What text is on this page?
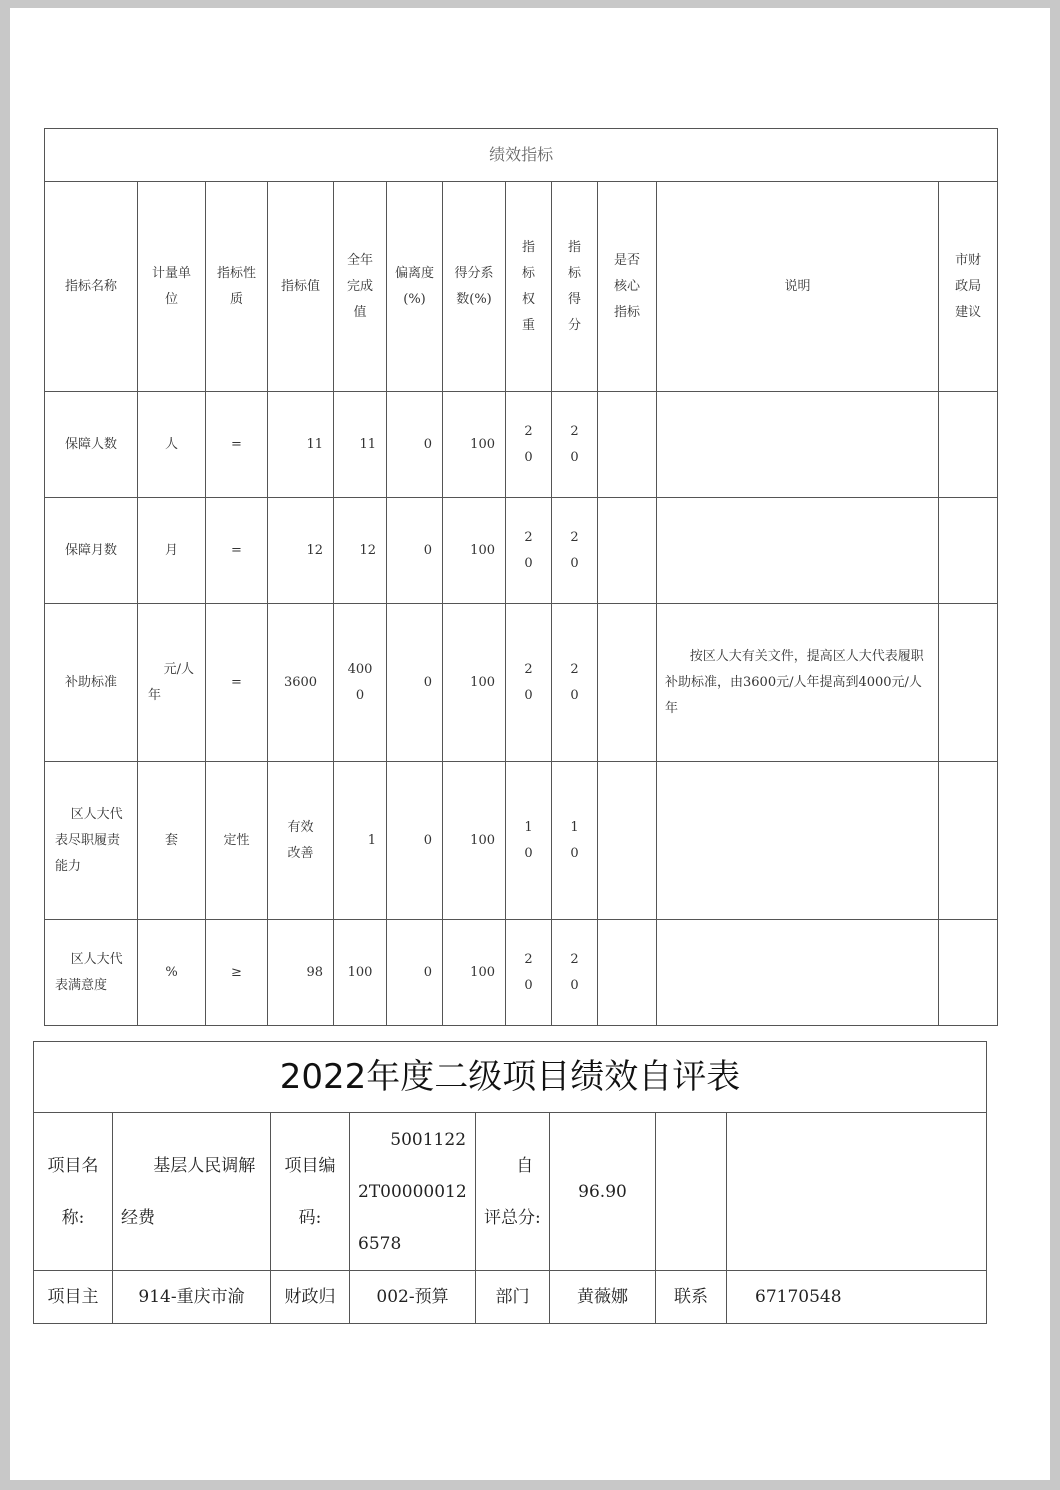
绩效指标											
指标名称	计量单位	指标性质	指标值	全年完成值	偏离度(%)	得分系数(%)	指标权重	指标得分	是否核心指标	说明	市财政局建议
保障人数	人	=	11	11	0	100	20	20			
保障月数	月	=	12	12	0	100	20	20			
补助标准	元/人年	=	3600	4000	0	100	20	20		按区人大有关文件，提高区人大代表履职补助标准，由3600元/人年提高到4000元/人年	
区人大代表尽职履责能力	套	定性	有效改善	1	0	100	10	10			
区人大代表满意度	%	≥	98	100	0	100	20	20			
2022年度二级项目绩效自评表							
项目名称:	基层人民调解经费	项目编码:	50011222T000000126578	自评总分:	96.90		
项目主	914-重庆市渝	财政归	002-预算	部门	黄薇娜	联系	67170548
